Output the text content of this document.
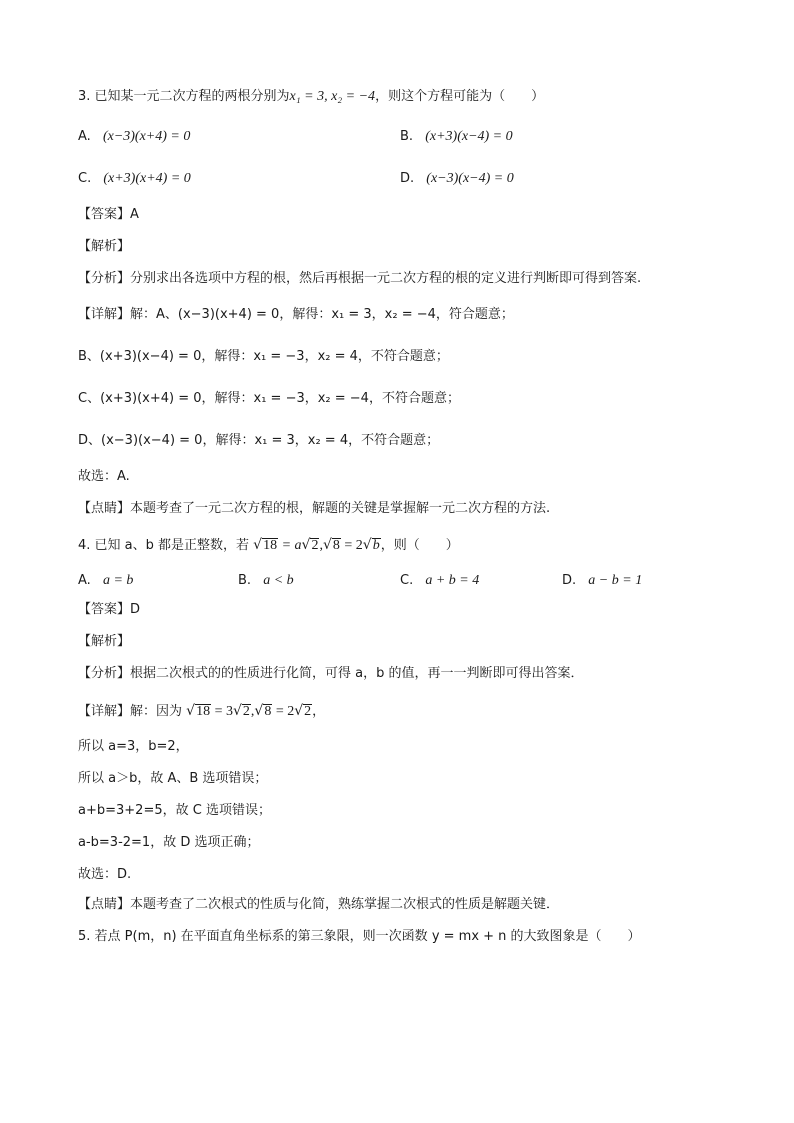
3. 已知某一元二次方程的两根分别为x₁ = 3, x₂ = −4，则这个方程可能为（　　）
A. (x−3)(x+4) = 0	B. (x+3)(x−4) = 0
C. (x+3)(x+4) = 0	D. (x−3)(x−4) = 0
【答案】A
【解析】
【分析】分别求出各选项中方程的根，然后再根据一元二次方程的根的定义进行判断即可得到答案.
【详解】解：A、(x−3)(x+4) = 0，解得：x₁ = 3，x₂ = −4，符合题意；
B、(x+3)(x−4) = 0，解得：x₁ = −3，x₂ = 4，不符合题意；
C、(x+3)(x+4) = 0，解得：x₁ = −3，x₂ = −4，不符合题意；
D、(x−3)(x−4) = 0，解得：x₁ = 3，x₂ = 4，不符合题意；
故选：A.
【点睛】本题考查了一元二次方程的根，解题的关键是掌握解一元二次方程的方法.
4. 已知 a、b 都是正整数，若 √18 = a√2,√8 = 2√b，则（　　）
A. a = b	B. a < b	C. a + b = 4	D. a − b = 1
【答案】D
【解析】
【分析】根据二次根式的的性质进行化简，可得 a，b 的值，再一一判断即可得出答案．
【详解】解：因为 √18 = 3√2,√8 = 2√2，
所以 a=3，b=2，
所以 a＞b，故 A、B 选项错误；
a+b=3+2=5，故 C 选项错误；
a-b=3-2=1，故 D 选项正确；
故选：D.
【点睛】本题考查了二次根式的性质与化简，熟练掌握二次根式的性质是解题关键．
5. 若点 P(m，n) 在平面直角坐标系的第三象限，则一次函数 y = mx + n 的大致图象是（　　）
